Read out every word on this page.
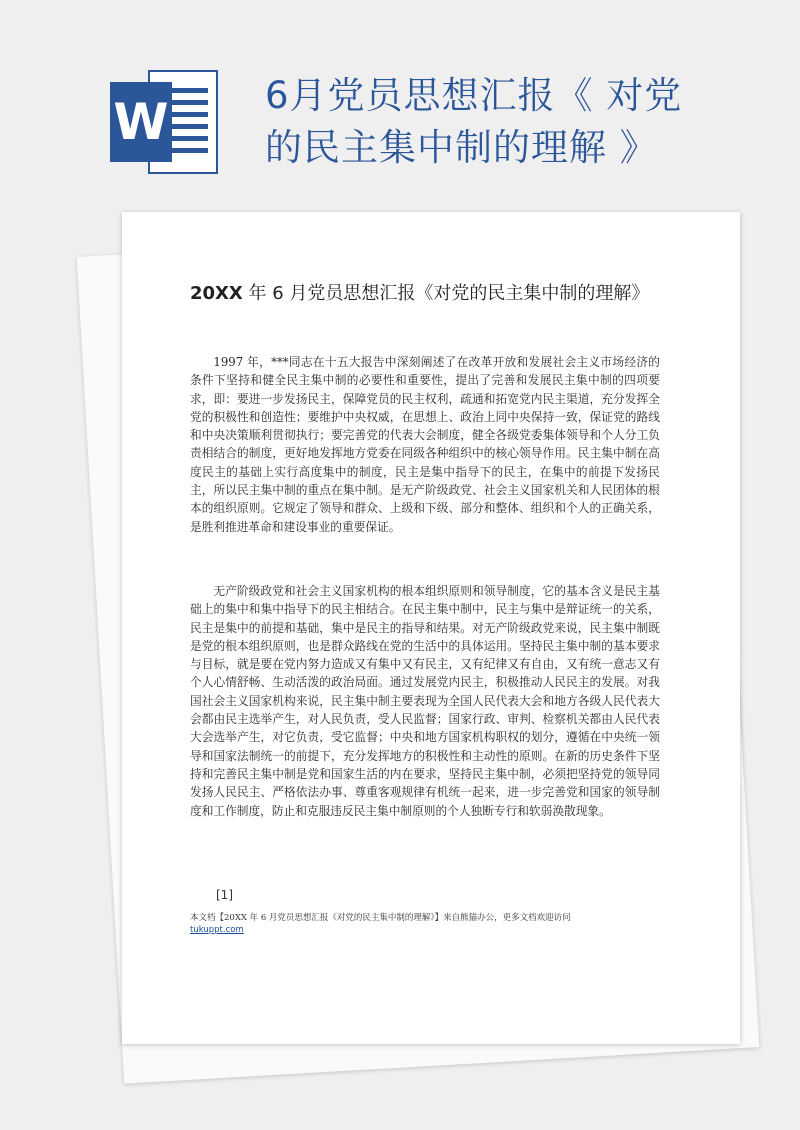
W	6月党员思想汇报《 对党的民主集中制的理解 》
20XX 年 6 月党员思想汇报《对党的民主集中制的理解》

1997 年，***同志在十五大报告中深刻阐述了在改革开放和发展社会主义市场经济的条件下坚持和健全民主集中制的必要性和重要性，提出了完善和发展民主集中制的四项要求，即：要进一步发扬民主，保障党员的民主权利，疏通和拓宽党内民主渠道，充分发挥全党的积极性和创造性；要维护中央权威，在思想上、政治上同中央保持一致，保证党的路线和中央决策顺利贯彻执行；要完善党的代表大会制度，健全各级党委集体领导和个人分工负责相结合的制度，更好地发挥地方党委在同级各种组织中的核心领导作用。民主集中制在高度民主的基础上实行高度集中的制度，民主是集中指导下的民主，在集中的前提下发扬民主，所以民主集中制的重点在集中制。是无产阶级政党、社会主义国家机关和人民团体的根本的组织原则。它规定了领导和群众、上级和下级、部分和整体、组织和个人的正确关系，是胜利推进革命和建设事业的重要保证。

无产阶级政党和社会主义国家机构的根本组织原则和领导制度，它的基本含义是民主基础上的集中和集中指导下的民主相结合。在民主集中制中，民主与集中是辩证统一的关系，民主是集中的前提和基础，集中是民主的指导和结果。对无产阶级政党来说，民主集中制既是党的根本组织原则，也是群众路线在党的生活中的具体运用。坚持民主集中制的基本要求与目标，就是要在党内努力造成又有集中又有民主，又有纪律又有自由，又有统一意志又有个人心情舒畅、生动活泼的政治局面。通过发展党内民主，积极推动人民民主的发展。对我国社会主义国家机构来说，民主集中制主要表现为全国人民代表大会和地方各级人民代表大会都由民主选举产生，对人民负责，受人民监督；国家行政、审判、检察机关都由人民代表大会选举产生，对它负责，受它监督；中央和地方国家机构职权的划分，遵循在中央统一领导和国家法制统一的前提下，充分发挥地方的积极性和主动性的原则。在新的历史条件下坚持和完善民主集中制是党和国家生活的内在要求，坚持民主集中制，必须把坚持党的领导同发扬人民民主、严格依法办事、尊重客观规律有机统一起来，进一步完善党和国家的领导制度和工作制度，防止和克服违反民主集中制原则的个人独断专行和软弱涣散现象。

[1]
本文档【20XX 年 6 月党员思想汇报《对党的民主集中制的理解》】来自熊猫办公，更多文档欢迎访问
tukuppt.com
